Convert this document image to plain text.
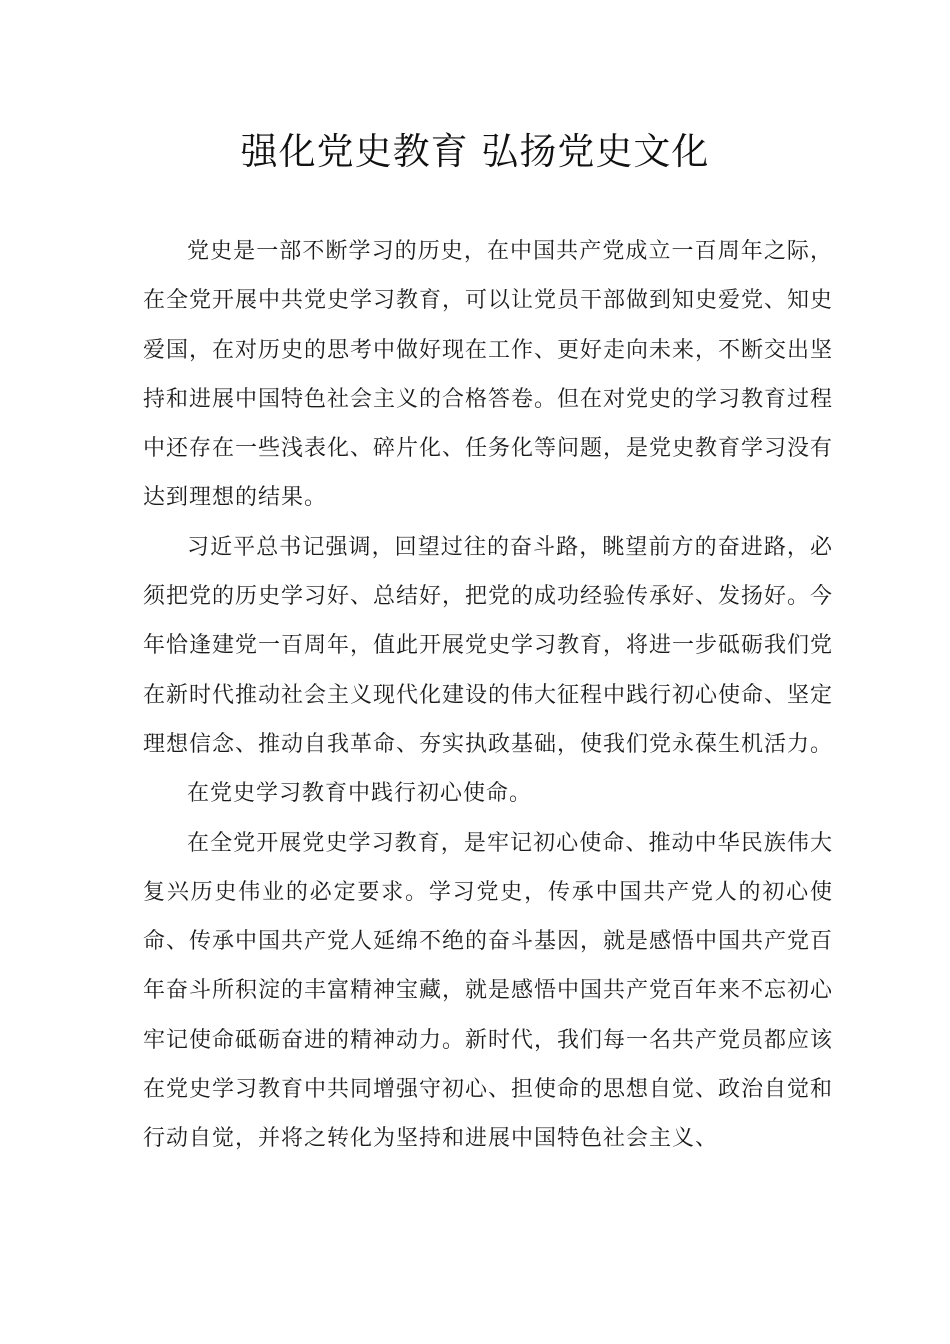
强化党史教育 弘扬党史文化

党史是一部不断学习的历史，在中国共产党成立一百周年之际，在全党开展中共党史学习教育，可以让党员干部做到知史爱党、知史爱国，在对历史的思考中做好现在工作、更好走向未来，不断交出坚持和进展中国特色社会主义的合格答卷。但在对党史的学习教育过程中还存在一些浅表化、碎片化、任务化等问题，是党史教育学习没有达到理想的结果。

习近平总书记强调，回望过往的奋斗路，眺望前方的奋进路，必须把党的历史学习好、总结好，把党的成功经验传承好、发扬好。今年恰逢建党一百周年，值此开展党史学习教育，将进一步砥砺我们党在新时代推动社会主义现代化建设的伟大征程中践行初心使命、坚定理想信念、推动自我革命、夯实执政基础，使我们党永葆生机活力。

在党史学习教育中践行初心使命。

在全党开展党史学习教育，是牢记初心使命、推动中华民族伟大复兴历史伟业的必定要求。学习党史，传承中国共产党人的初心使命、传承中国共产党人延绵不绝的奋斗基因，就是感悟中国共产党百年奋斗所积淀的丰富精神宝藏，就是感悟中国共产党百年来不忘初心牢记使命砥砺奋进的精神动力。新时代，我们每一名共产党员都应该在党史学习教育中共同增强守初心、担使命的思想自觉、政治自觉和行动自觉，并将之转化为坚持和进展中国特色社会主义、
